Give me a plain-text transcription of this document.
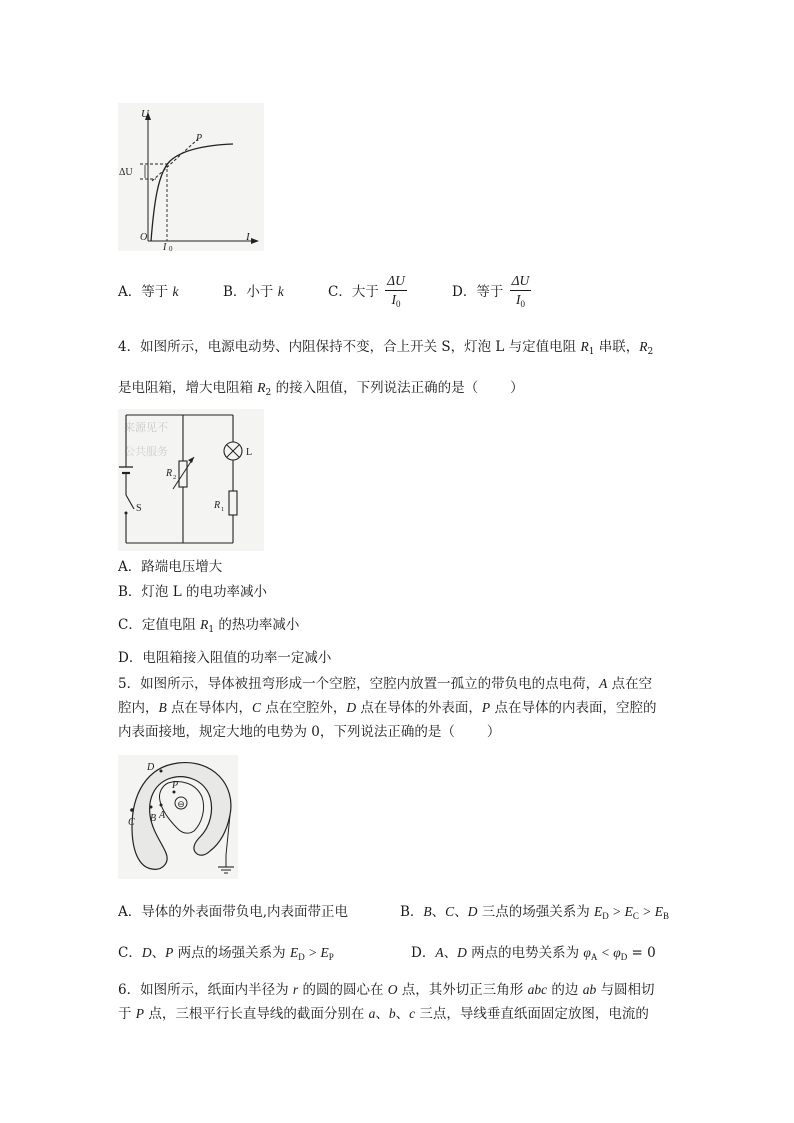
U
P
ΔU
O
I 0
I
A．等于 k	B．小于 k	C．大于 $\frac{\Delta U}{I_0}$	D．等于 $\frac{\Delta U}{I_0}$
4．如图所示，电源电动势、内阻保持不变，合上开关 S，灯泡 L 与定值电阻 $R_1$ 串联，$R_2$
是电阻箱，增大电阻箱 $R_2$ 的接入阻值，下列说法正确的是（ ）
来源见不
公共服务
R 2
L
R 1
S
A．路端电压增大
B．灯泡 L 的电功率减小
C．定值电阻 $R_1$ 的热功率减小
D．电阻箱接入阻值的功率一定减小
5．如图所示，导体被扭弯形成一个空腔，空腔内放置一孤立的带负电的点电荷，A 点在空
腔内，B 点在导体内，C 点在空腔外，D 点在导体的外表面，P 点在导体的内表面，空腔的
内表面接地，规定大地的电势为 0，下列说法正确的是（ ）
⊖
D
P
C B A
A．导体的外表面带负电,内表面带正电	B．B、C、D 三点的场强关系为 $E_D > E_C > E_B$
C．D、P 两点的场强关系为 $E_D > E_P$	D．A、D 两点的电势关系为 $\varphi_A < \varphi_D = 0$
6．如图所示，纸面内半径为 r 的圆的圆心在 O 点，其外切正三角形 abc 的边 ab 与圆相切
于 P 点，三根平行长直导线的截面分别在 a、b、c 三点，导线垂直纸面固定放图，电流的
